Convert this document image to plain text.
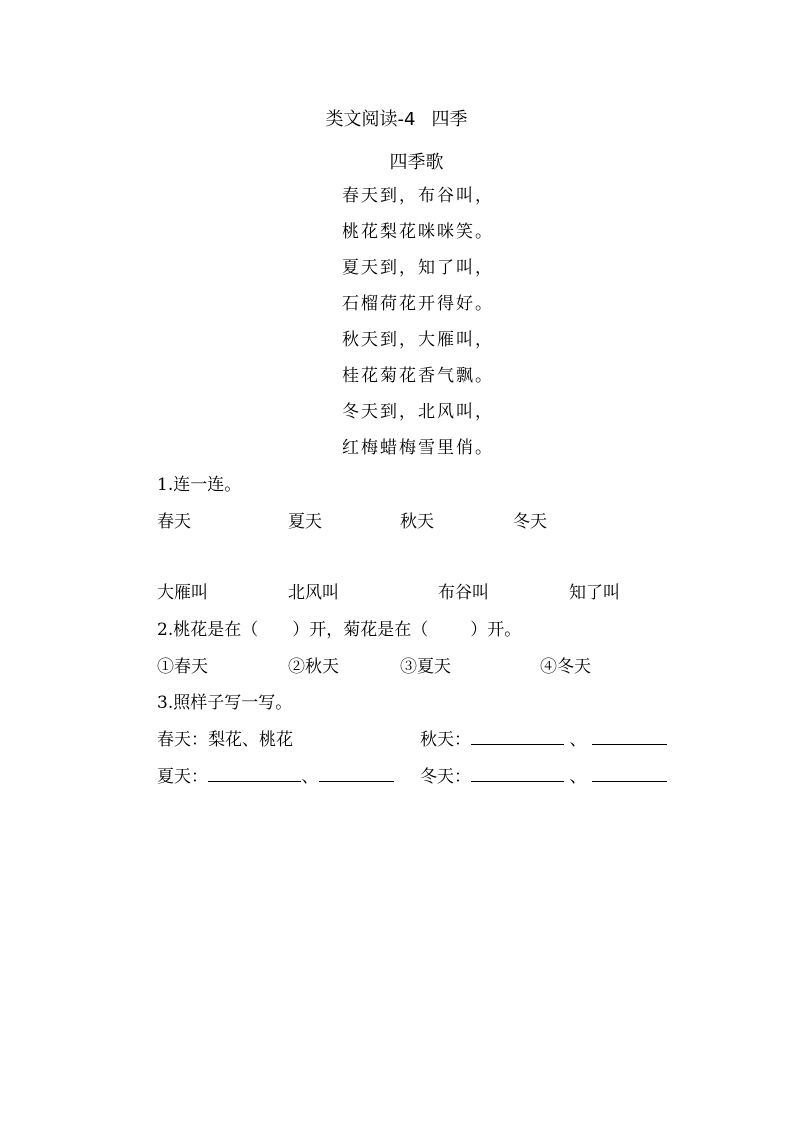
类文阅读-4 四季
四季歌
春天到，布谷叫，
桃花梨花咪咪笑。
夏天到，知了叫，
石榴荷花开得好。
秋天到，大雁叫，
桂花菊花香气飘。
冬天到，北风叫，
红梅蜡梅雪里俏。
1.连一连。
春天	夏天	秋天	冬天
大雁叫	北风叫	布谷叫	知了叫
2.桃花是在（ ）开，菊花是在（ ）开。
①春天	②秋天	③夏天	④冬天
3.照样子写一写。
春天：梨花、桃花	秋天：	、
夏天：	、	冬天：	、
